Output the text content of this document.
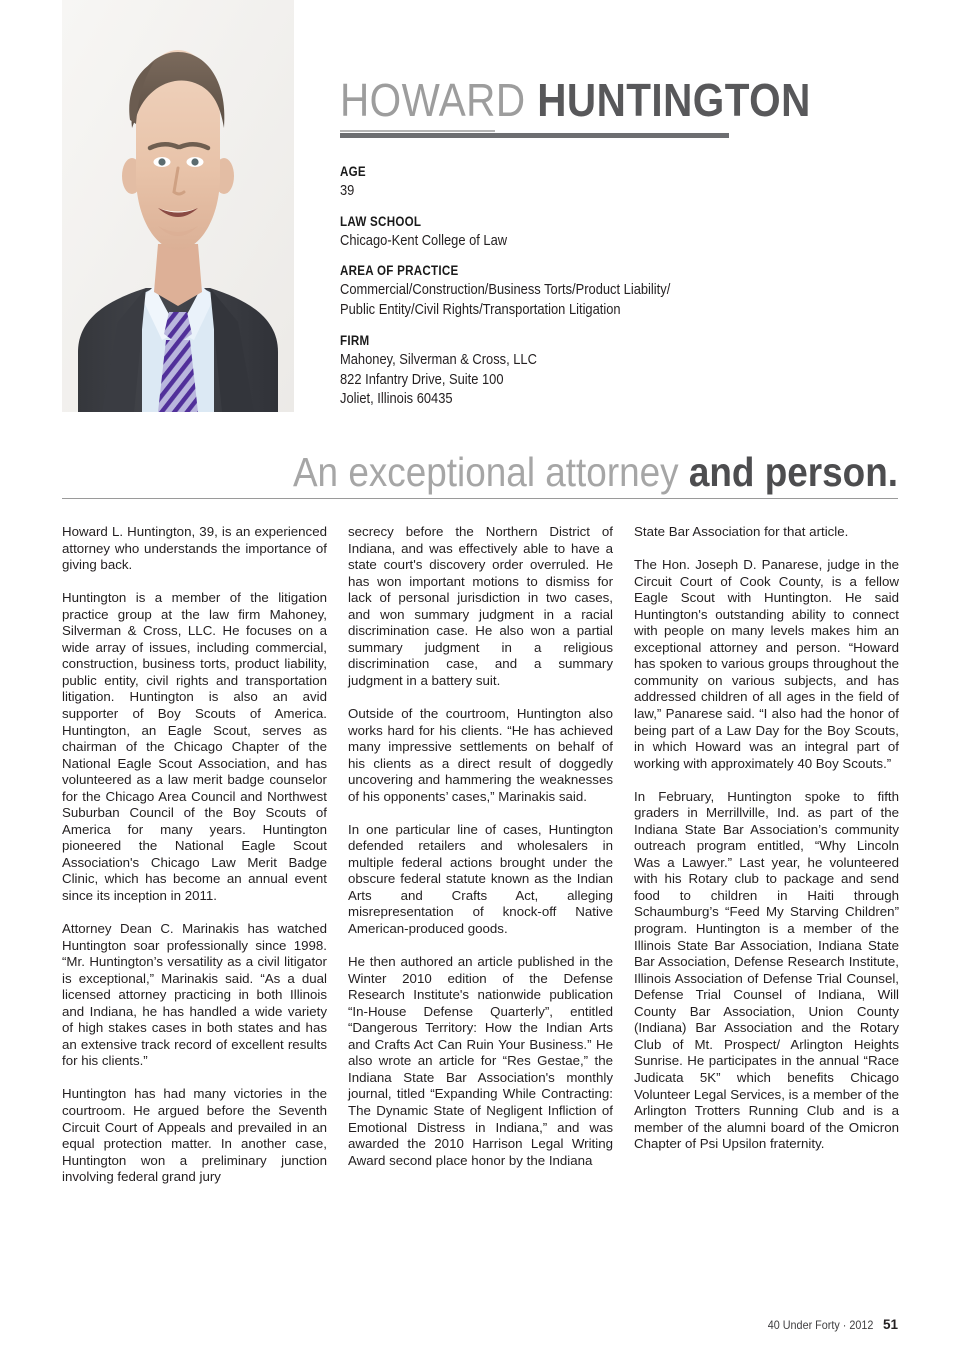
HOWARD HUNTINGTON
AGE
39
LAW SCHOOL
Chicago-Kent College of Law
AREA OF PRACTICE
Commercial/Construction/Business Torts/Product Liability/
Public Entity/Civil Rights/Transportation Litigation
FIRM
Mahoney, Silverman & Cross, LLC
822 Infantry Drive, Suite 100
Joliet, Illinois 60435
An exceptional attorney and person.

Howard L. Huntington, 39, is an experienced attorney who understands the importance of giving back.

Huntington is a member of the litigation practice group at the law firm Mahoney, Silverman & Cross, LLC. He focuses on a wide array of issues, including commercial, construction, business torts, product liability, public entity, civil rights and transportation litigation. Huntington is also an avid supporter of Boy Scouts of America. Huntington, an Eagle Scout, serves as chairman of the Chicago Chapter of the National Eagle Scout Association, and has volunteered as a law merit badge counselor for the Chicago Area Council and Northwest Suburban Council of the Boy Scouts of America for many years. Huntington pioneered the National Eagle Scout Association's Chicago Law Merit Badge Clinic, which has become an annual event since its inception in 2011.

Attorney Dean C. Marinakis has watched Huntington soar professionally since 1998. “Mr. Huntington’s versatility as a civil litigator is exceptional,” Marinakis said. “As a dual licensed attorney practicing in both Illinois and Indiana, he has handled a wide variety of high stakes cases in both states and has an extensive track record of excellent results for his clients.”

Huntington has had many victories in the courtroom. He argued before the Seventh Circuit Court of Appeals and prevailed in an equal protection matter. In another case, Huntington won a preliminary junction involving federal grand jury

secrecy before the Northern District of Indiana, and was effectively able to have a state court's discovery order overruled. He has won important motions to dismiss for lack of personal jurisdiction in two cases, and won summary judgment in a racial discrimination case. He also won a partial summary judgment in a religious discrimination case, and a summary judgment in a battery suit.

Outside of the courtroom, Huntington also works hard for his clients. “He has achieved many impressive settlements on behalf of his clients as a direct result of doggedly uncovering and hammering the weaknesses of his opponents’ cases,” Marinakis said.

In one particular line of cases, Huntington defended retailers and wholesalers in multiple federal actions brought under the obscure federal statute known as the Indian Arts and Crafts Act, alleging misrepresentation of knock-off Native American-produced goods.

He then authored an article published in the Winter 2010 edition of the Defense Research Institute's nationwide publication “In-House Defense Quarterly”, entitled “Dangerous Territory: How the Indian Arts and Crafts Act Can Ruin Your Business.” He also wrote an article for “Res Gestae,” the Indiana State Bar Association's monthly journal, titled “Expanding While Contracting: The Dynamic State of Negligent Infliction of Emotional Distress in Indiana,” and was awarded the 2010 Harrison Legal Writing Award second place honor by the Indiana

State Bar Association for that article.

The Hon. Joseph D. Panarese, judge in the Circuit Court of Cook County, is a fellow Eagle Scout with Huntington. He said Huntington's outstanding ability to connect with people on many levels makes him an exceptional attorney and person. “Howard has spoken to various groups throughout the community on various subjects, and has addressed children of all ages in the field of law,” Panarese said. “I also had the honor of being part of a Law Day for the Boy Scouts, in which Howard was an integral part of working with approximately 40 Boy Scouts.”

In February, Huntington spoke to fifth graders in Merrillville, Ind. as part of the Indiana State Bar Association’s community outreach program entitled, “Why Lincoln Was a Lawyer.” Last year, he volunteered with his Rotary club to package and send food to children in Haiti through Schaumburg’s “Feed My Starving Children” program. Huntington is a member of the Illinois State Bar Association, Indiana State Bar Association, Defense Research Institute, Illinois Association of Defense Trial Counsel, Defense Trial Counsel of Indiana, Will County Bar Association, Union County (Indiana) Bar Association and the Rotary Club of Mt. Prospect/ Arlington Heights Sunrise. He participates in the annual “Race Judicata 5K” which benefits Chicago Volunteer Legal Services, is a member of the Arlington Trotters Running Club and is a member of the alumni board of the Omicron Chapter of Psi Upsilon fraternity.

40 Under Forty · 2012 51
